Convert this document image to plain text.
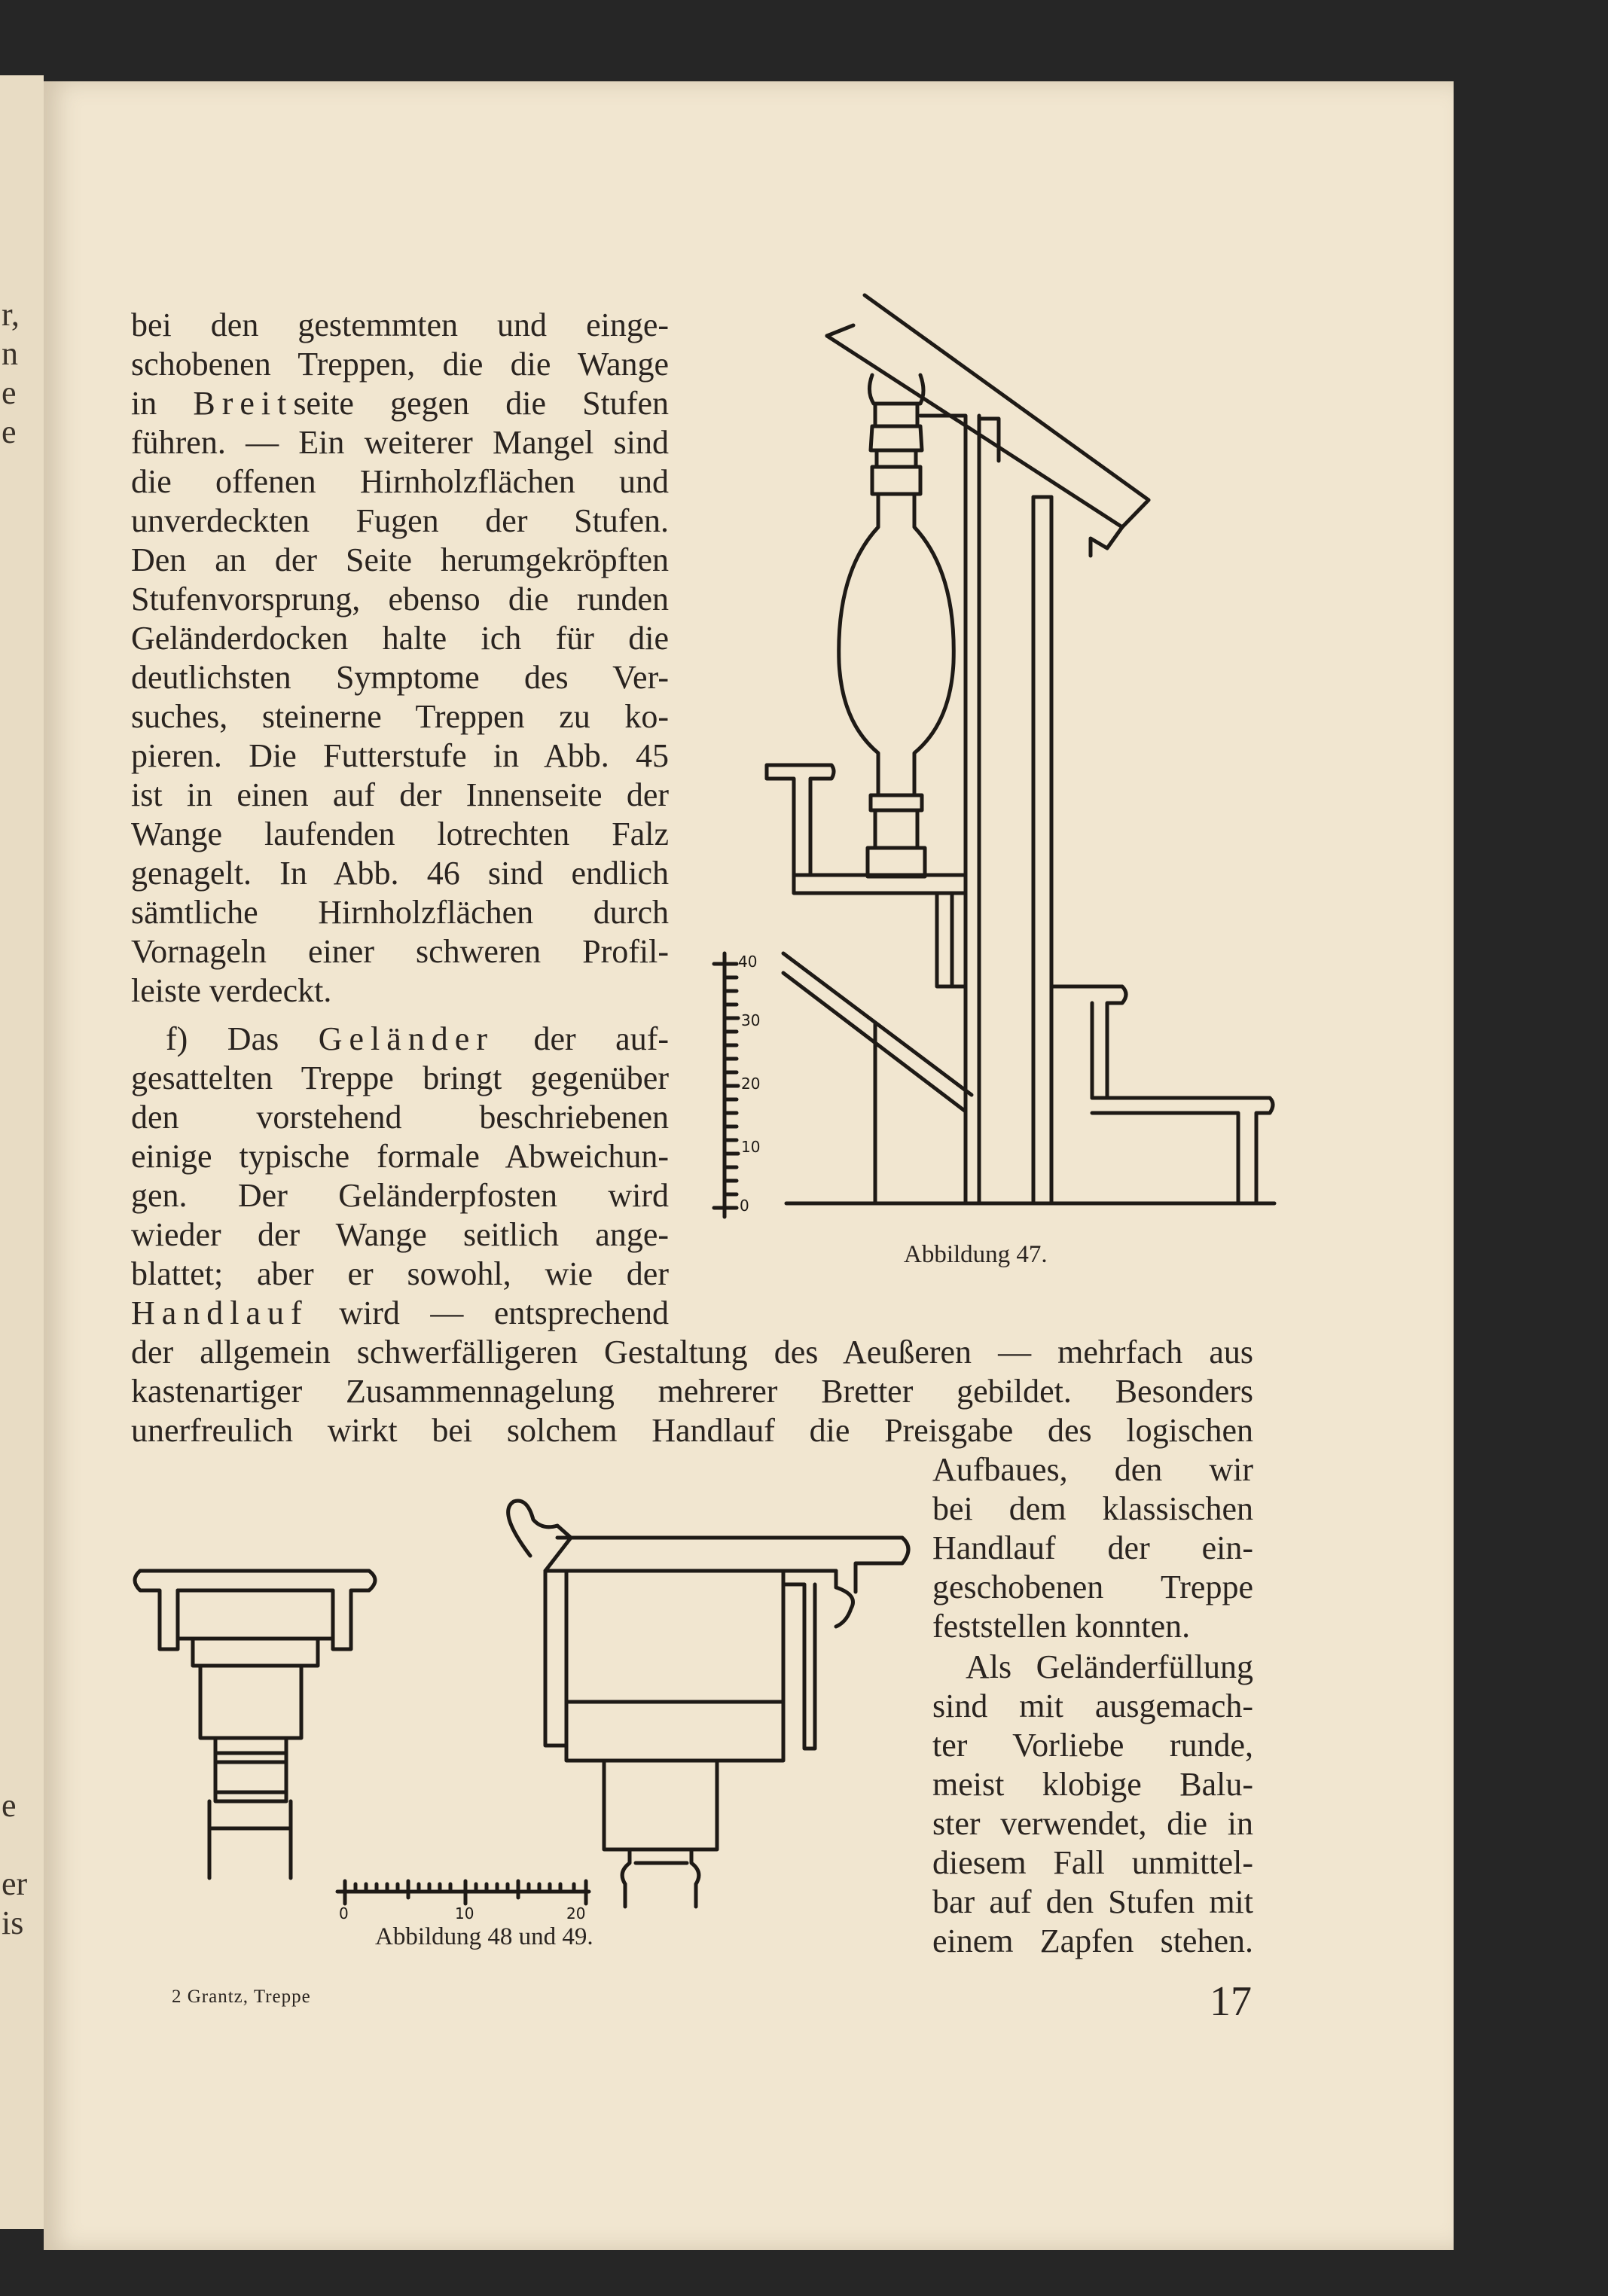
r,
n
e
e
e
er
is
bei den gestemmten und einge-
schobenen Treppen, die die Wange
in Breitseite gegen die Stufen
führen. — Ein weiterer Mangel sind
die offenen Hirnholzflächen und
unverdeckten Fugen der Stufen.
Den an der Seite herumgekröpften
Stufenvorsprung, ebenso die runden
Geländerdocken halte ich für die
deutlichsten Symptome des Ver-
suches, steinerne Treppen zu ko-
pieren. Die Futterstufe in Abb. 45
ist in einen auf der Innenseite der
Wange laufenden lotrechten Falz
genagelt. In Abb. 46 sind endlich
sämtliche Hirnholzflächen durch
Vornageln einer schweren Profil-
leiste verdeckt.
f) Das Geländer der auf-
gesattelten Treppe bringt gegenüber
den vorstehend beschriebenen
einige typische formale Abweichun-
gen. Der Geländerpfosten wird
wieder der Wange seitlich ange-
blattet; aber er sowohl, wie der
Handlauf wird — entsprechend
der allgemein schwerfälligeren Gestaltung des Aeußeren — mehrfach aus
kastenartiger Zusammennagelung mehrerer Bretter gebildet. Besonders
unerfreulich wirkt bei solchem Handlauf die Preisgabe des logischen
Aufbaues, den wir
bei dem klassischen
Handlauf der ein-
geschobenen Treppe
feststellen konnten.
Als Geländerfüllung
sind mit ausgemach-
ter Vorliebe runde,
meist klobige Balu-
ster verwendet, die in
diesem Fall unmittel-
bar auf den Stufen mit
einem Zapfen stehen.
40
30
20
10
0
0	10	20
Abbildung 47.
Abbildung 48 und 49.
2 Grantz, Treppe	17
